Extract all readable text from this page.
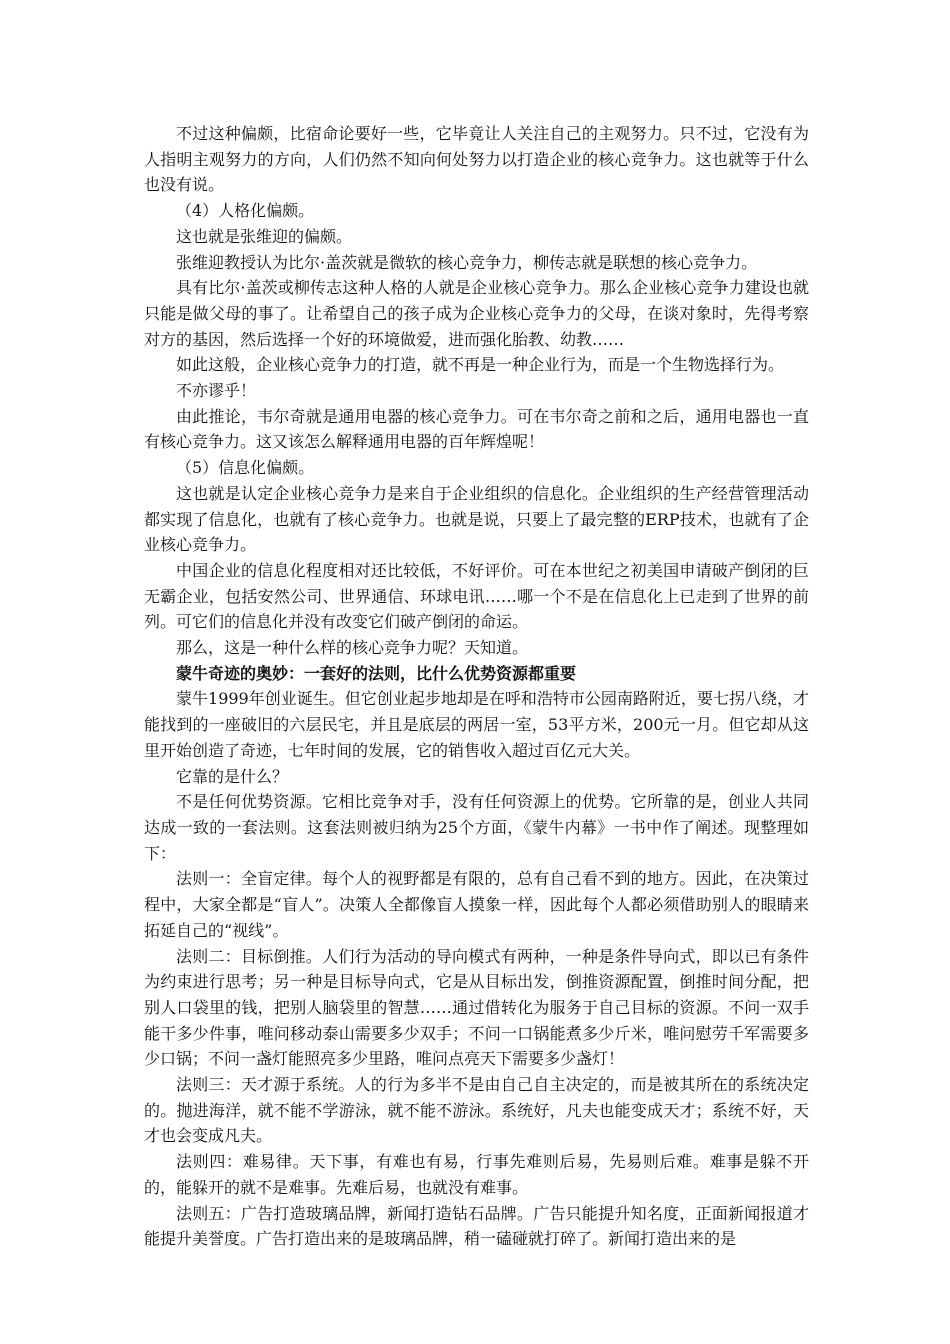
不过这种偏颇，比宿命论要好一些，它毕竟让人关注自己的主观努力。只不过，它没有为人指明主观努力的方向，人们仍然不知向何处努力以打造企业的核心竞争力。这也就等于什么也没有说。

（4）人格化偏颇。

这也就是张维迎的偏颇。

张维迎教授认为比尔·盖茨就是微软的核心竞争力，柳传志就是联想的核心竞争力。

具有比尔·盖茨或柳传志这种人格的人就是企业核心竞争力。那么企业核心竞争力建设也就只能是做父母的事了。让希望自己的孩子成为企业核心竞争力的父母，在谈对象时，先得考察对方的基因，然后选择一个好的环境做爱，进而强化胎教、幼教……

如此这般，企业核心竞争力的打造，就不再是一种企业行为，而是一个生物选择行为。

不亦谬乎！

由此推论，韦尔奇就是通用电器的核心竞争力。可在韦尔奇之前和之后，通用电器也一直有核心竞争力。这又该怎么解释通用电器的百年辉煌呢！

（5）信息化偏颇。

这也就是认定企业核心竞争力是来自于企业组织的信息化。企业组织的生产经营管理活动都实现了信息化，也就有了核心竞争力。也就是说，只要上了最完整的ERP技术，也就有了企业核心竞争力。

中国企业的信息化程度相对还比较低，不好评价。可在本世纪之初美国申请破产倒闭的巨无霸企业，包括安然公司、世界通信、环球电讯……哪一个不是在信息化上已走到了世界的前列。可它们的信息化并没有改变它们破产倒闭的命运。

那么，这是一种什么样的核心竞争力呢？天知道。

蒙牛奇迹的奥妙：一套好的法则，比什么优势资源都重要

蒙牛1999年创业诞生。但它创业起步地却是在呼和浩特市公园南路附近，要七拐八绕，才能找到的一座破旧的六层民宅，并且是底层的两居一室，53平方米，200元一月。但它却从这里开始创造了奇迹，七年时间的发展，它的销售收入超过百亿元大关。

它靠的是什么？

不是任何优势资源。它相比竞争对手，没有任何资源上的优势。它所靠的是，创业人共同达成一致的一套法则。这套法则被归纳为25个方面，《蒙牛内幕》一书中作了阐述。现整理如下：

法则一：全盲定律。每个人的视野都是有限的，总有自己看不到的地方。因此，在决策过程中，大家全都是“盲人”。决策人全都像盲人摸象一样，因此每个人都必须借助别人的眼睛来拓延自己的“视线”。

法则二：目标倒推。人们行为活动的导向模式有两种，一种是条件导向式，即以已有条件为约束进行思考；另一种是目标导向式，它是从目标出发，倒推资源配置，倒推时间分配，把别人口袋里的钱，把别人脑袋里的智慧……通过借转化为服务于自己目标的资源。不问一双手能干多少件事，唯问移动泰山需要多少双手；不问一口锅能煮多少斤米，唯问慰劳千军需要多少口锅；不问一盏灯能照亮多少里路，唯问点亮天下需要多少盏灯！

法则三：天才源于系统。人的行为多半不是由自己自主决定的，而是被其所在的系统决定的。抛进海洋，就不能不学游泳，就不能不游泳。系统好，凡夫也能变成天才；系统不好，天才也会变成凡夫。

法则四：难易律。天下事，有难也有易，行事先难则后易，先易则后难。难事是躲不开的，能躲开的就不是难事。先难后易，也就没有难事。

法则五：广告打造玻璃品牌，新闻打造钻石品牌。广告只能提升知名度，正面新闻报道才能提升美誉度。广告打造出来的是玻璃品牌，稍一磕碰就打碎了。新闻打造出来的是
